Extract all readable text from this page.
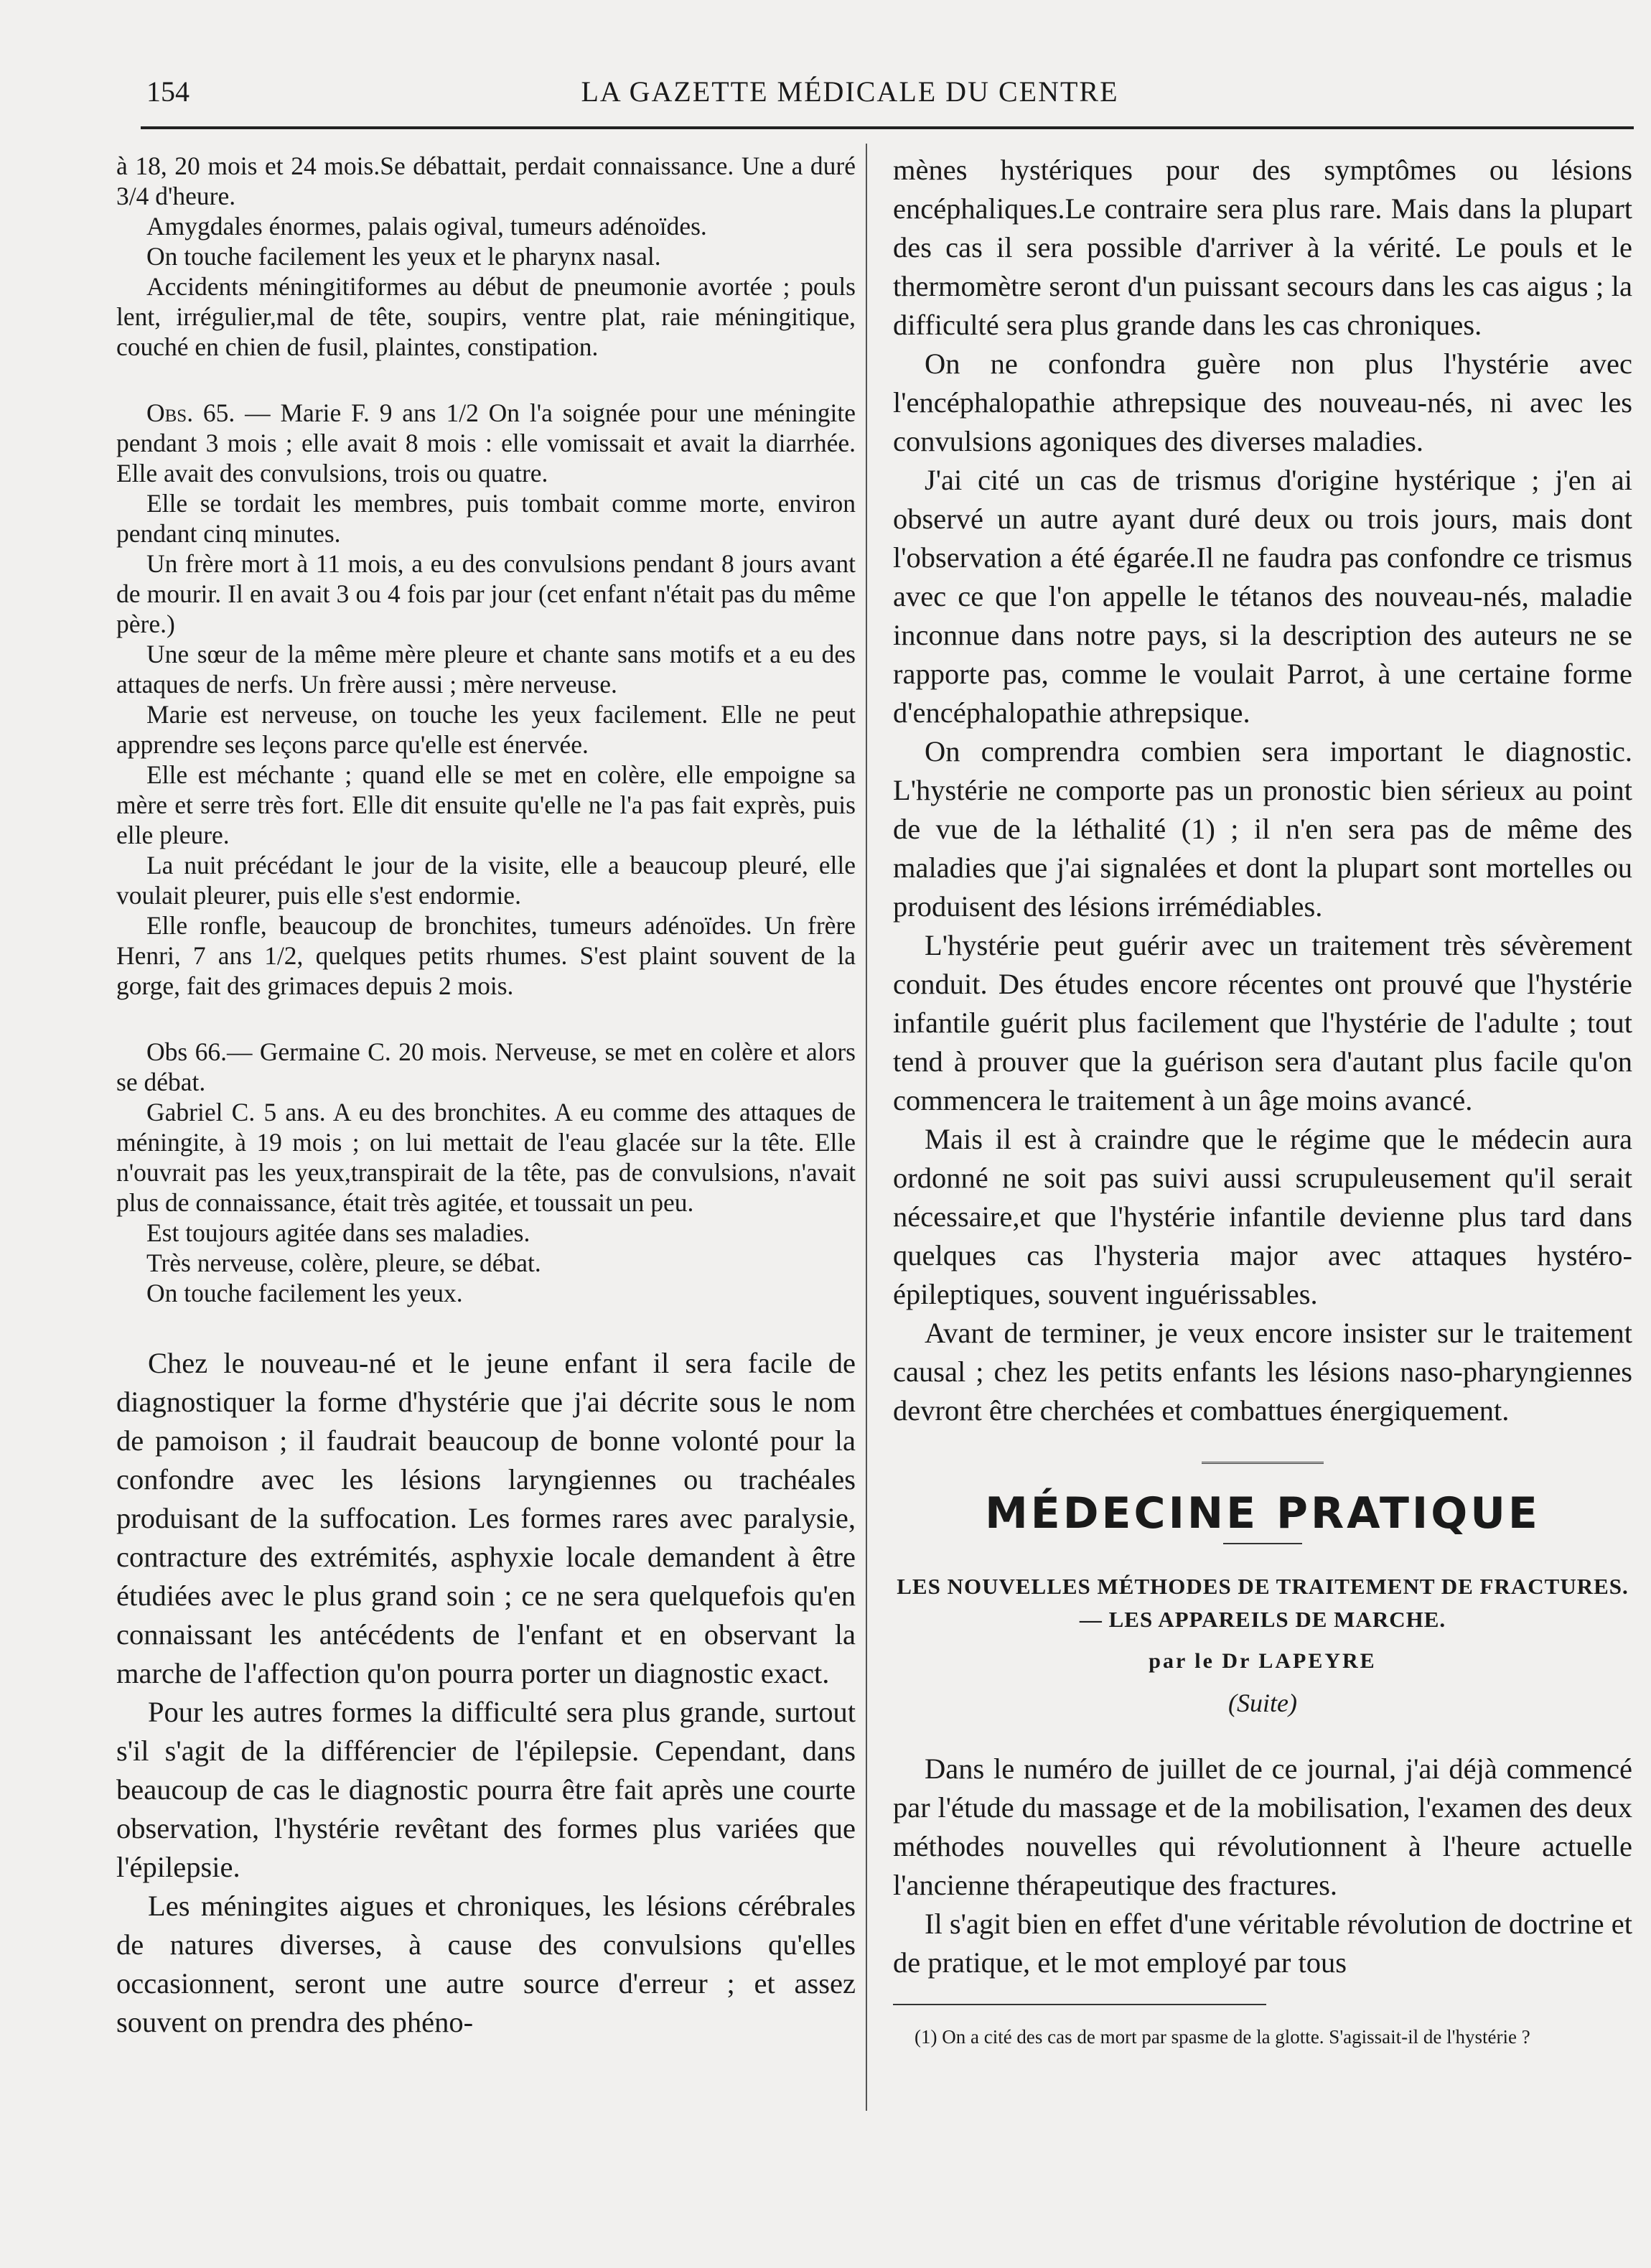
154	LA GAZETTE MÉDICALE DU CENTRE

à 18, 20 mois et 24 mois.Se débattait, perdait connaissance. Une a duré 3/4 d'heure.

Amygdales énormes, palais ogival, tumeurs adénoïdes.

On touche facilement les yeux et le pharynx nasal.

Accidents méningitiformes au début de pneumonie avortée ; pouls lent, irrégulier,mal de tête, soupirs, ventre plat, raie méningitique, couché en chien de fusil, plaintes, constipation.

Obs. 65. — Marie F. 9 ans 1/2 On l'a soignée pour une méningite pendant 3 mois ; elle avait 8 mois : elle vomissait et avait la diarrhée. Elle avait des convulsions, trois ou quatre.

Elle se tordait les membres, puis tombait comme morte, environ pendant cinq minutes.

Un frère mort à 11 mois, a eu des convulsions pendant 8 jours avant de mourir. Il en avait 3 ou 4 fois par jour (cet enfant n'était pas du même père.)

Une sœur de la même mère pleure et chante sans motifs et a eu des attaques de nerfs. Un frère aussi ; mère nerveuse.

Marie est nerveuse, on touche les yeux facilement. Elle ne peut apprendre ses leçons parce qu'elle est énervée.

Elle est méchante ; quand elle se met en colère, elle empoigne sa mère et serre très fort. Elle dit ensuite qu'elle ne l'a pas fait exprès, puis elle pleure.

La nuit précédant le jour de la visite, elle a beaucoup pleuré, elle voulait pleurer, puis elle s'est endormie.

Elle ronfle, beaucoup de bronchites, tumeurs adénoïdes. Un frère Henri, 7 ans 1/2, quelques petits rhumes. S'est plaint souvent de la gorge, fait des grimaces depuis 2 mois.

Obs 66.— Germaine C. 20 mois. Nerveuse, se met en colère et alors se débat.

Gabriel C. 5 ans. A eu des bronchites. A eu comme des attaques de méningite, à 19 mois ; on lui mettait de l'eau glacée sur la tête. Elle n'ouvrait pas les yeux,transpirait de la tête, pas de convulsions, n'avait plus de connaissance, était très agitée, et toussait un peu.

Est toujours agitée dans ses maladies.

Très nerveuse, colère, pleure, se débat.

On touche facilement les yeux.

Chez le nouveau-né et le jeune enfant il sera facile de diagnostiquer la forme d'hystérie que j'ai décrite sous le nom de pamoison ; il faudrait beaucoup de bonne volonté pour la confondre avec les lésions laryngiennes ou trachéales produisant de la suffocation. Les formes rares avec paralysie, contracture des extrémités, asphyxie locale demandent à être étudiées avec le plus grand soin ; ce ne sera quelquefois qu'en connaissant les antécédents de l'enfant et en observant la marche de l'affection qu'on pourra porter un diagnostic exact.

Pour les autres formes la difficulté sera plus grande, surtout s'il s'agit de la différencier de l'épilepsie. Cependant, dans beaucoup de cas le diagnostic pourra être fait après une courte observation, l'hystérie revêtant des formes plus variées que l'épilepsie.

Les méningites aigues et chroniques, les lésions cérébrales de natures diverses, à cause des convulsions qu'elles occasionnent, seront une autre source d'erreur ; et assez souvent on prendra des phéno-

mènes hystériques pour des symptômes ou lésions encéphaliques.Le contraire sera plus rare. Mais dans la plupart des cas il sera possible d'arriver à la vérité. Le pouls et le thermomètre seront d'un puissant secours dans les cas aigus ; la difficulté sera plus grande dans les cas chroniques.

On ne confondra guère non plus l'hystérie avec l'encéphalopathie athrepsique des nouveau-nés, ni avec les convulsions agoniques des diverses maladies.

J'ai cité un cas de trismus d'origine hystérique ; j'en ai observé un autre ayant duré deux ou trois jours, mais dont l'observation a été égarée.Il ne faudra pas confondre ce trismus avec ce que l'on appelle le tétanos des nouveau-nés, maladie inconnue dans notre pays, si la description des auteurs ne se rapporte pas, comme le voulait Parrot, à une certaine forme d'encéphalopathie athrepsique.

On comprendra combien sera important le diagnostic. L'hystérie ne comporte pas un pronostic bien sérieux au point de vue de la léthalité (1) ; il n'en sera pas de même des maladies que j'ai signalées et dont la plupart sont mortelles ou produisent des lésions irrémédiables.

L'hystérie peut guérir avec un traitement très sévèrement conduit. Des études encore récentes ont prouvé que l'hystérie infantile guérit plus facilement que l'hystérie de l'adulte ; tout tend à prouver que la guérison sera d'autant plus facile qu'on commencera le traitement à un âge moins avancé.

Mais il est à craindre que le régime que le médecin aura ordonné ne soit pas suivi aussi scrupuleusement qu'il serait nécessaire,et que l'hystérie infantile devienne plus tard dans quelques cas l'hysteria major avec attaques hystéro-épileptiques, souvent inguérissables.

Avant de terminer, je veux encore insister sur le traitement causal ; chez les petits enfants les lésions naso-pharyngiennes devront être cherchées et combattues énergiquement.

MÉDECINE PRATIQUE
LES NOUVELLES MÉTHODES DE TRAITEMENT DE FRACTURES. — LES APPAREILS DE MARCHE.
par le Dr LAPEYRE
(Suite)

Dans le numéro de juillet de ce journal, j'ai déjà commencé par l'étude du massage et de la mobilisation, l'examen des deux méthodes nouvelles qui révolutionnent à l'heure actuelle l'ancienne thérapeutique des fractures.

Il s'agit bien en effet d'une véritable révolution de doctrine et de pratique, et le mot employé par tous

(1) On a cité des cas de mort par spasme de la glotte. S'agissait-il de l'hystérie ?
